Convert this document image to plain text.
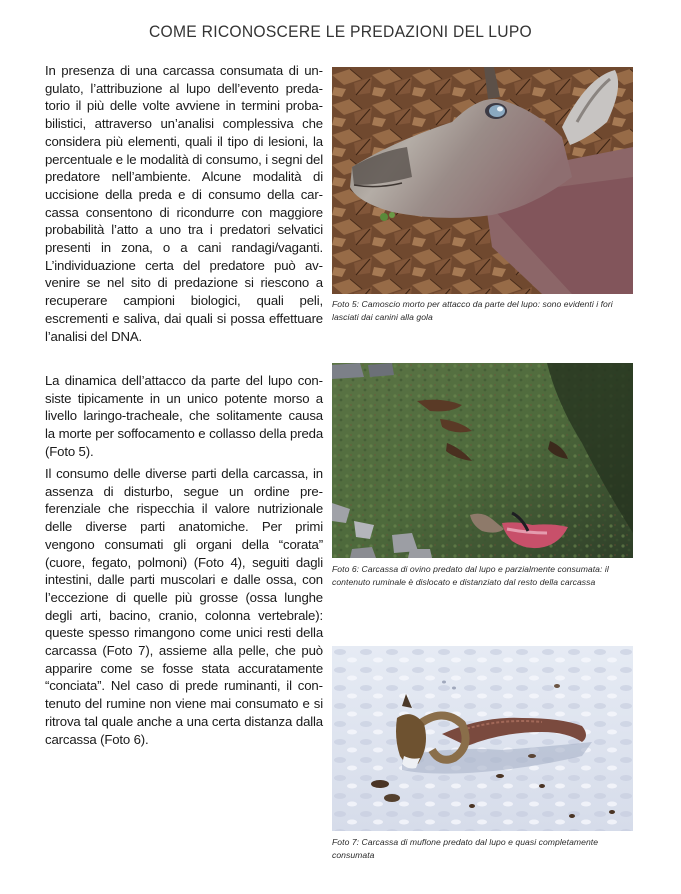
COME RICONOSCERE LE PREDAZIONI DEL LUPO

In presenza di una carcassa consumata di ungulato, l’attribuzione al lupo dell’evento predatorio il più delle volte avviene in termini probabilistici, attraverso un’analisi complessiva che considera più elementi, quali il tipo di lesioni, la percentuale e le modalità di consumo, i segni del predatore nell’ambiente. Alcune modalità di uccisione della preda e di consumo della carcassa consentono di ricondurre con maggiore probabilità l’atto a uno tra i predatori selvatici presenti in zona, o a cani randagi/vaganti. L’individuazione certa del predatore può avvenire se nel sito di predazione si riescono a recuperare campioni biologici, quali peli, escrementi e saliva, dai quali si possa effettuare l’analisi del DNA.

La dinamica dell’attacco da parte del lupo consiste tipicamente in un unico potente morso a livello laringo-tracheale, che solitamente causa la morte per soffocamento e collasso della preda (Foto 5).

Il consumo delle diverse parti della carcassa, in assenza di disturbo, segue un ordine preferenziale che rispecchia il valore nutrizionale delle diverse parti anatomiche. Per primi vengono consumati gli organi della “corata” (cuore, fegato, polmoni) (Foto 4), seguiti dagli intestini, dalle parti muscolari e dalle ossa, con l’eccezione di quelle più grosse (ossa lunghe degli arti, bacino, cranio, colonna vertebrale): queste spesso rimangono come unici resti della carcassa (Foto 7), assieme alla pelle, che può apparire come se fosse stata accuratamente “conciata”. Nel caso di prede ruminanti, il contenuto del rumine non viene mai consumato e si ritrova tal quale anche a una certa distanza dalla carcassa (Foto 6).

Foto 5: Camoscio morto per attacco da parte del lupo: sono evidenti i fori lasciati dai canini alla gola
Foto 6: Carcassa di ovino predato dal lupo e parzialmente consumata: il contenuto ruminale è dislocato e distanziato dal resto della carcassa
Foto 7: Carcassa di muflone predato dal lupo e quasi completamente consumata
